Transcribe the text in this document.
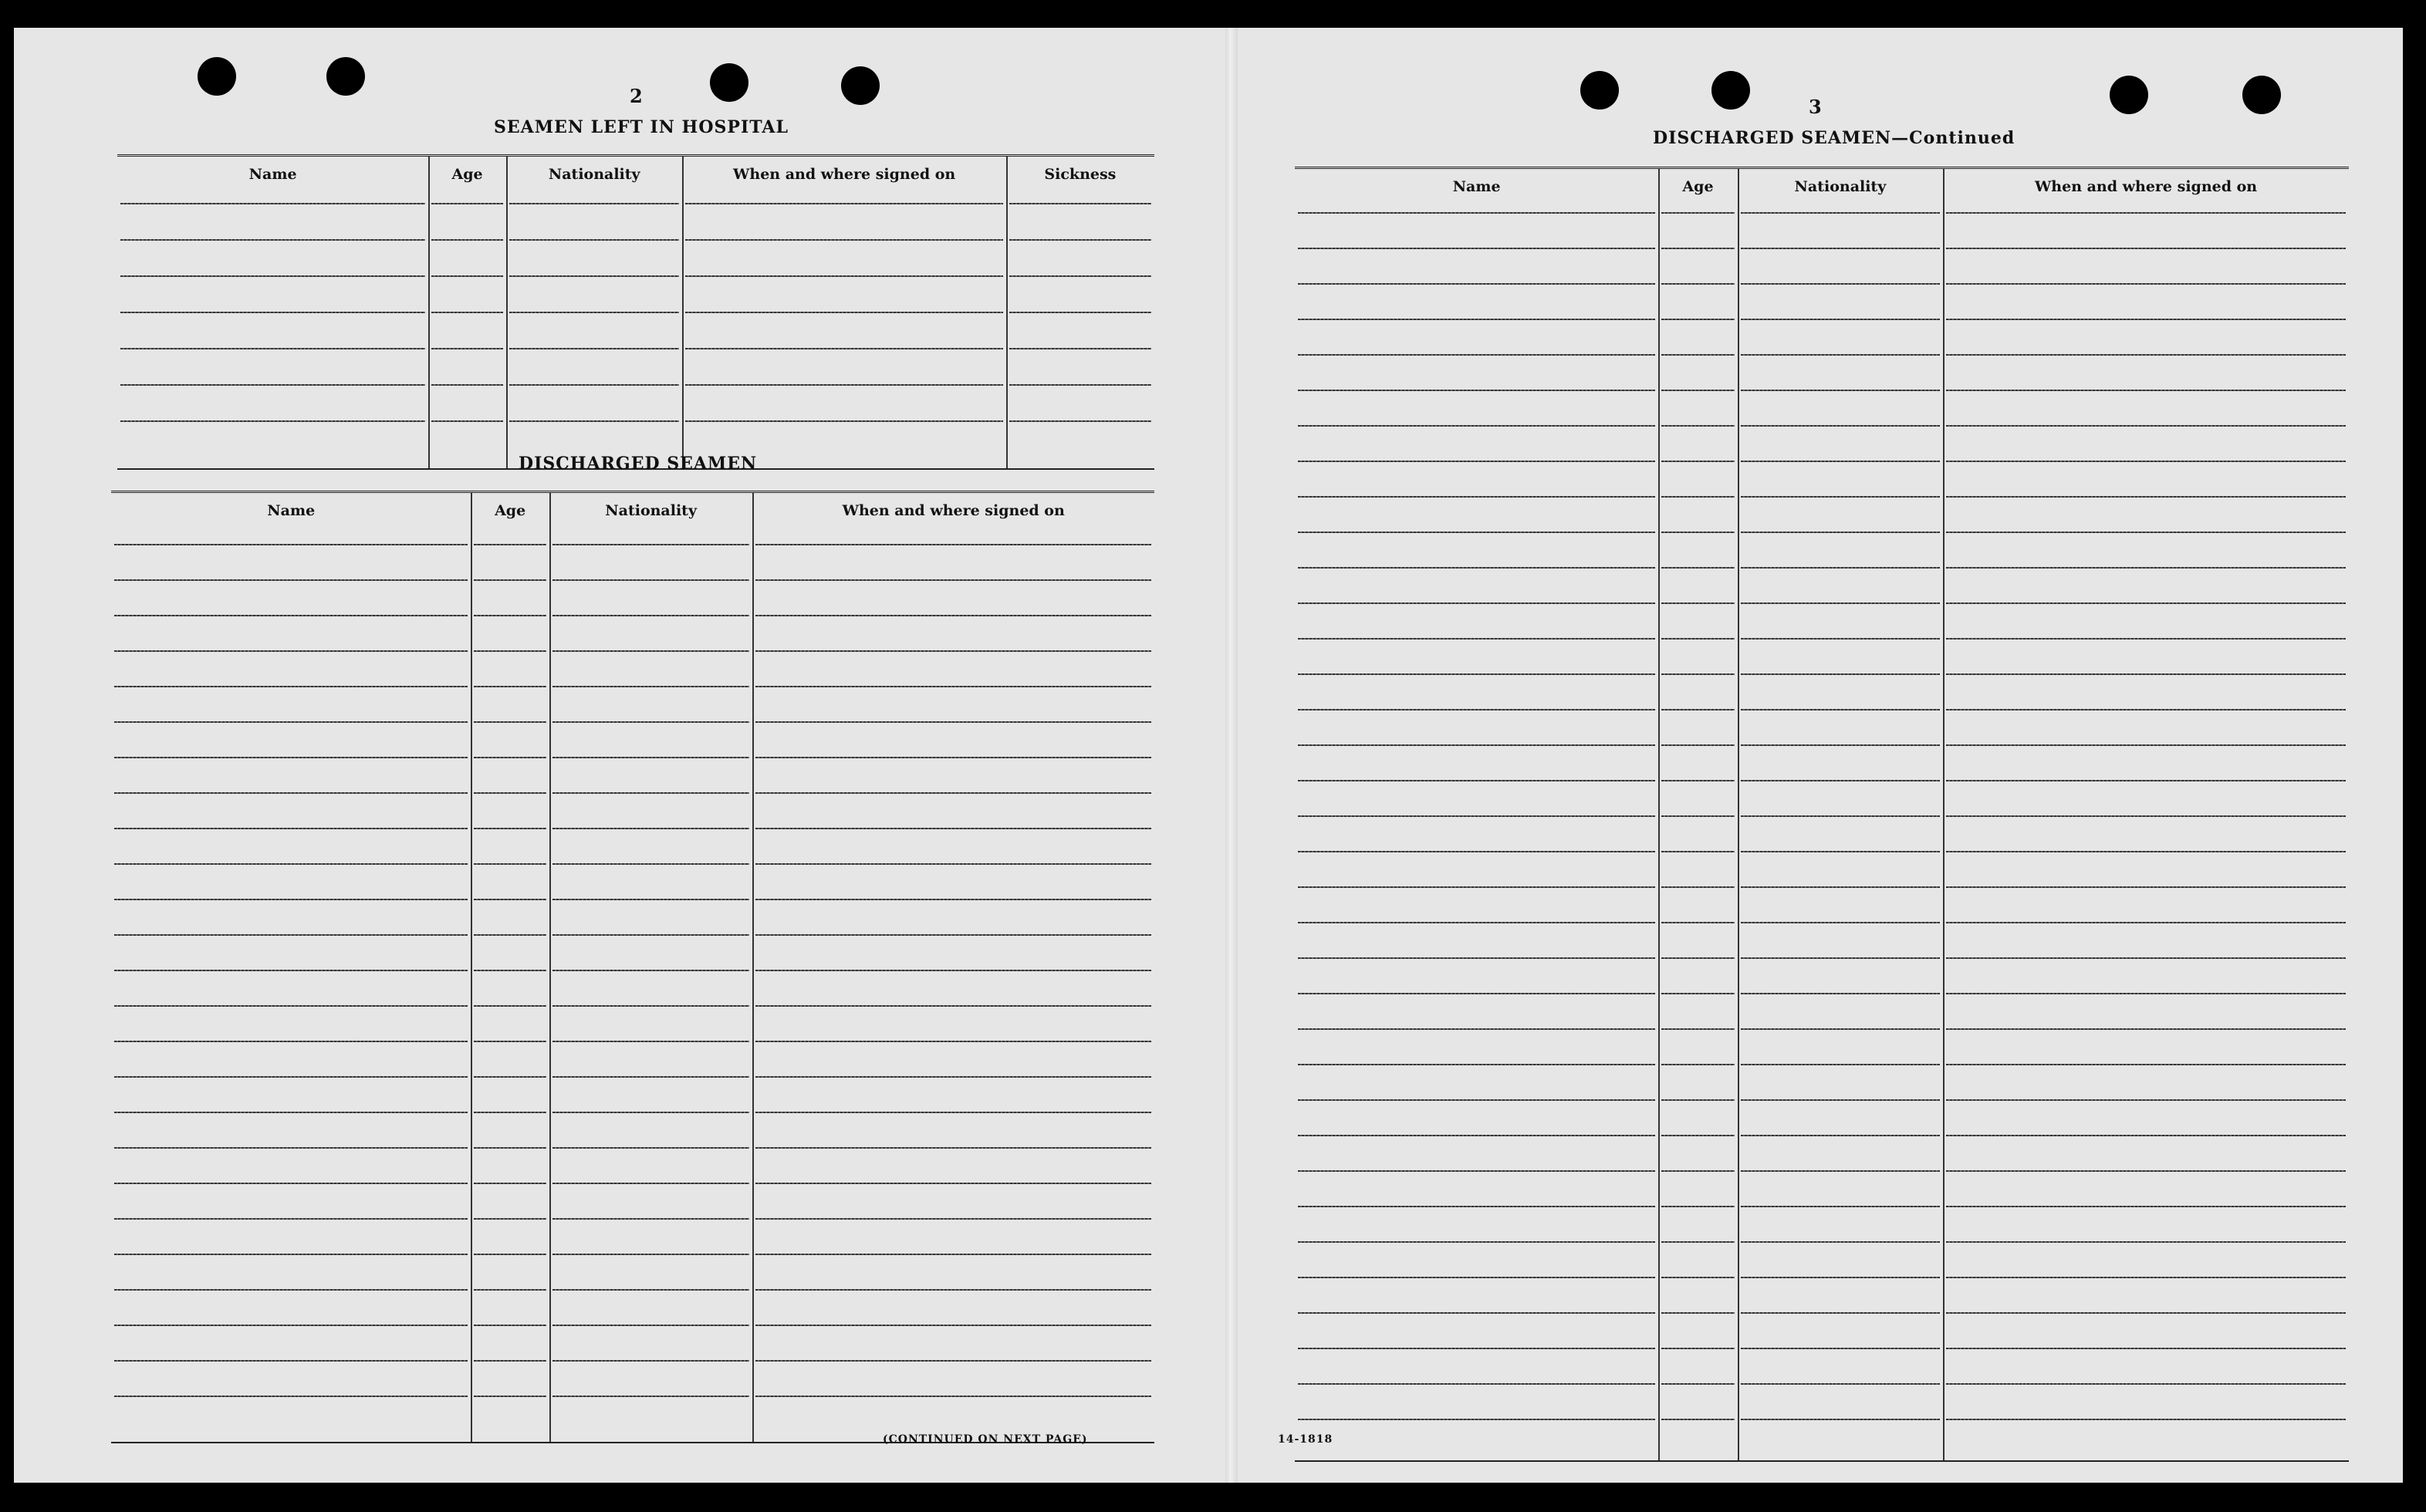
2
SEAMEN LEFT IN HOSPITAL
Name	Age	Nationality	When and where signed on	Sickness
DISCHARGED SEAMEN
Name	Age	Nationality	When and where signed on
(CONTINUED ON NEXT PAGE)
3
DISCHARGED SEAMEN—Continued
Name	Age	Nationality	When and where signed on
14-1818
